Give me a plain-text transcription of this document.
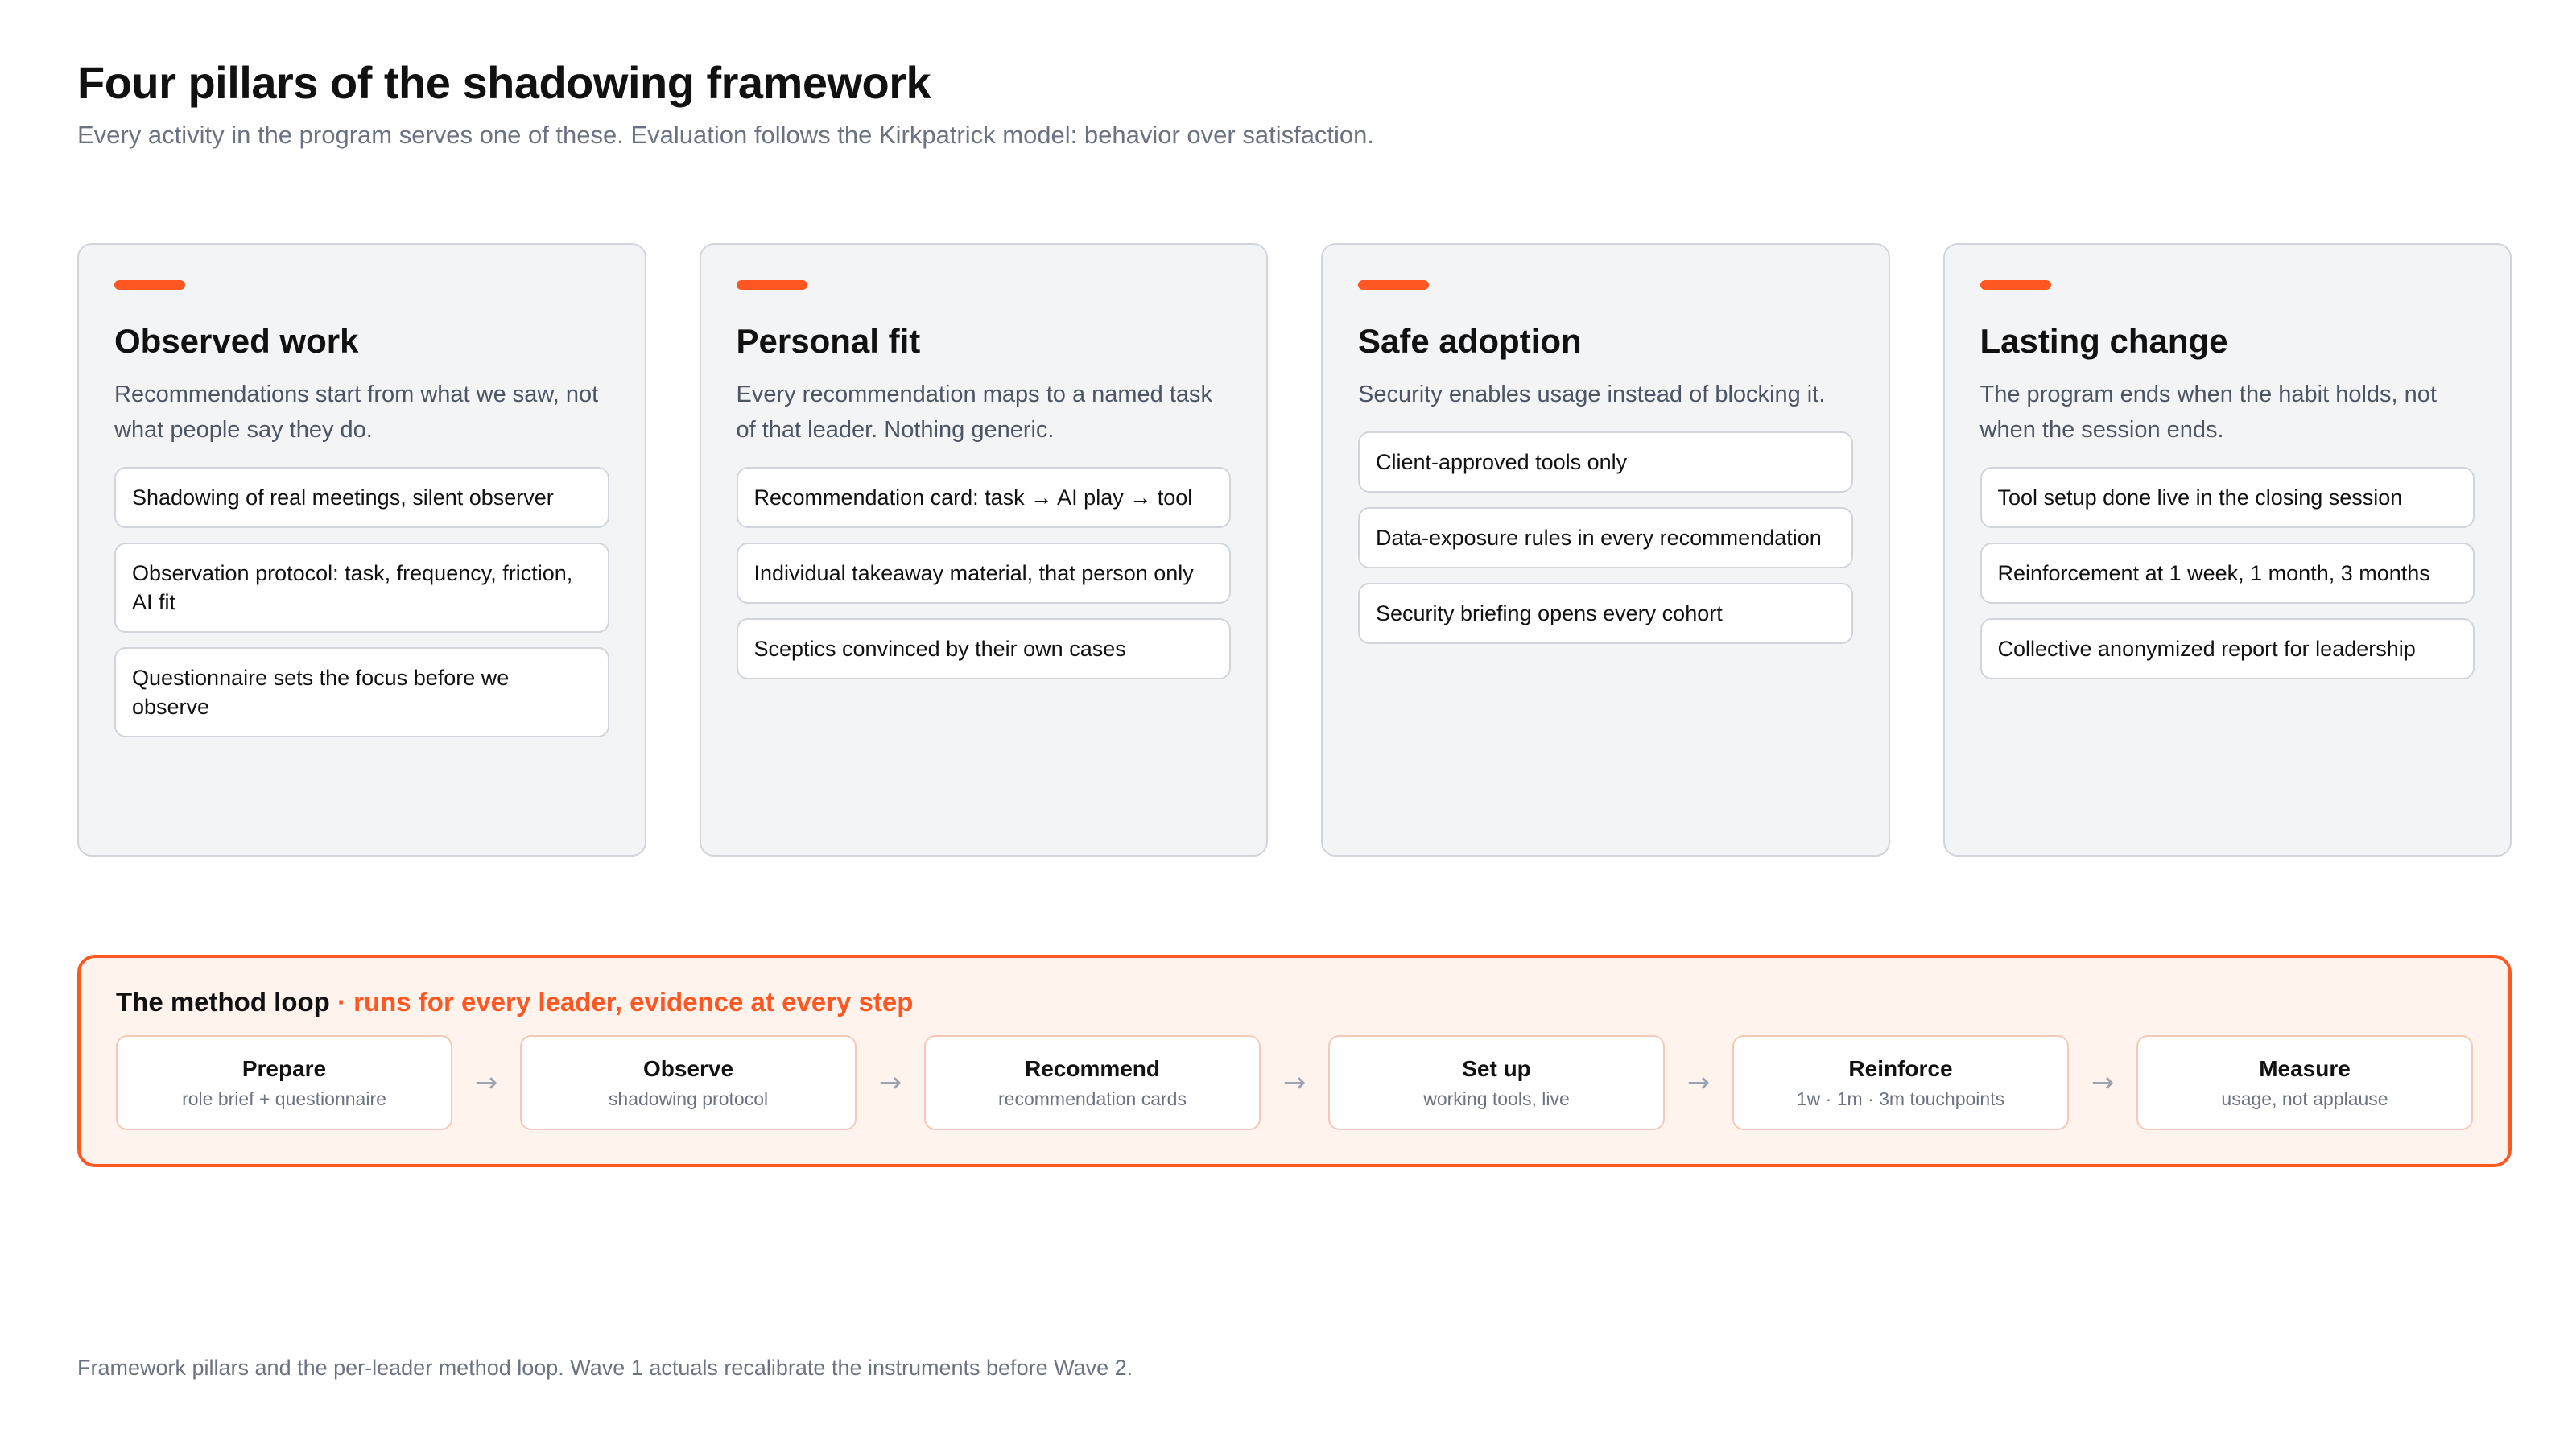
Four pillars of the shadowing framework

Every activity in the program serves one of these. Evaluation follows the Kirkpatrick model: behavior over satisfaction.

Observed work

Recommendations start from what we saw, not what people say they do.

Shadowing of real meetings, silent observer
Observation protocol: task, frequency, friction, AI fit
Questionnaire sets the focus before we observe
Personal fit

Every recommendation maps to a named task of that leader. Nothing generic.

Recommendation card: task → AI play → tool
Individual takeaway material, that person only
Sceptics convinced by their own cases
Safe adoption

Security enables usage instead of blocking it.

Client-approved tools only
Data-exposure rules in every recommendation
Security briefing opens every cohort
Lasting change

The program ends when the habit holds, not when the session ends.

Tool setup done live in the closing session
Reinforcement at 1 week, 1 month, 3 months
Collective anonymized report for leadership
The method loop · runs for every leader, evidence at every step
Prepare
role brief + questionnaire	→	Observe
shadowing protocol	→	Recommend
recommendation cards	→	Set up
working tools, live	→	Reinforce
1w · 1m · 3m touchpoints	→	Measure
usage, not applause

Framework pillars and the per-leader method loop. Wave 1 actuals recalibrate the instruments before Wave 2.
